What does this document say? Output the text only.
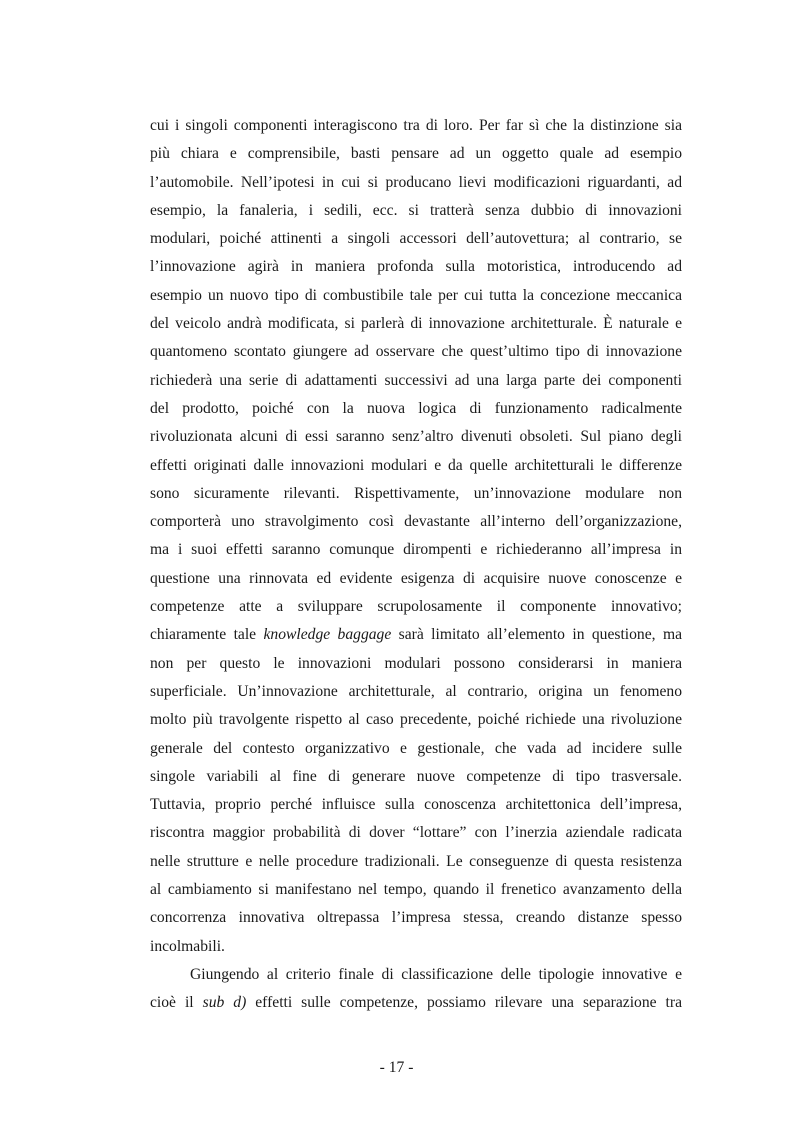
cui i singoli componenti interagiscono tra di loro. Per far sì che la distinzione sia
più chiara e comprensibile, basti pensare ad un oggetto quale ad esempio
l’automobile. Nell’ipotesi in cui si producano lievi modificazioni riguardanti, ad
esempio, la fanaleria, i sedili, ecc. si tratterà senza dubbio di innovazioni
modulari, poiché attinenti a singoli accessori dell’autovettura; al contrario, se
l’innovazione agirà in maniera profonda sulla motoristica, introducendo ad
esempio un nuovo tipo di combustibile tale per cui tutta la concezione meccanica
del veicolo andrà modificata, si parlerà di innovazione architetturale. È naturale e
quantomeno scontato giungere ad osservare che quest’ultimo tipo di innovazione
richiederà una serie di adattamenti successivi ad una larga parte dei componenti
del prodotto, poiché con la nuova logica di funzionamento radicalmente
rivoluzionata alcuni di essi saranno senz’altro divenuti obsoleti. Sul piano degli
effetti originati dalle innovazioni modulari e da quelle architetturali le differenze
sono sicuramente rilevanti. Rispettivamente, un’innovazione modulare non
comporterà uno stravolgimento così devastante all’interno dell’organizzazione,
ma i suoi effetti saranno comunque dirompenti e richiederanno all’impresa in
questione una rinnovata ed evidente esigenza di acquisire nuove conoscenze e
competenze atte a sviluppare scrupolosamente il componente innovativo;
chiaramente tale knowledge baggage sarà limitato all’elemento in questione, ma
non per questo le innovazioni modulari possono considerarsi in maniera
superficiale. Un’innovazione architetturale, al contrario, origina un fenomeno
molto più travolgente rispetto al caso precedente, poiché richiede una rivoluzione
generale del contesto organizzativo e gestionale, che vada ad incidere sulle
singole variabili al fine di generare nuove competenze di tipo trasversale.
Tuttavia, proprio perché influisce sulla conoscenza architettonica dell’impresa,
riscontra maggior probabilità di dover “lottare” con l’inerzia aziendale radicata
nelle strutture e nelle procedure tradizionali. Le conseguenze di questa resistenza
al cambiamento si manifestano nel tempo, quando il frenetico avanzamento della
concorrenza innovativa oltrepassa l’impresa stessa, creando distanze spesso
incolmabili.
Giungendo al criterio finale di classificazione delle tipologie innovative e
cioè il sub d) effetti sulle competenze, possiamo rilevare una separazione tra
- 17 -
